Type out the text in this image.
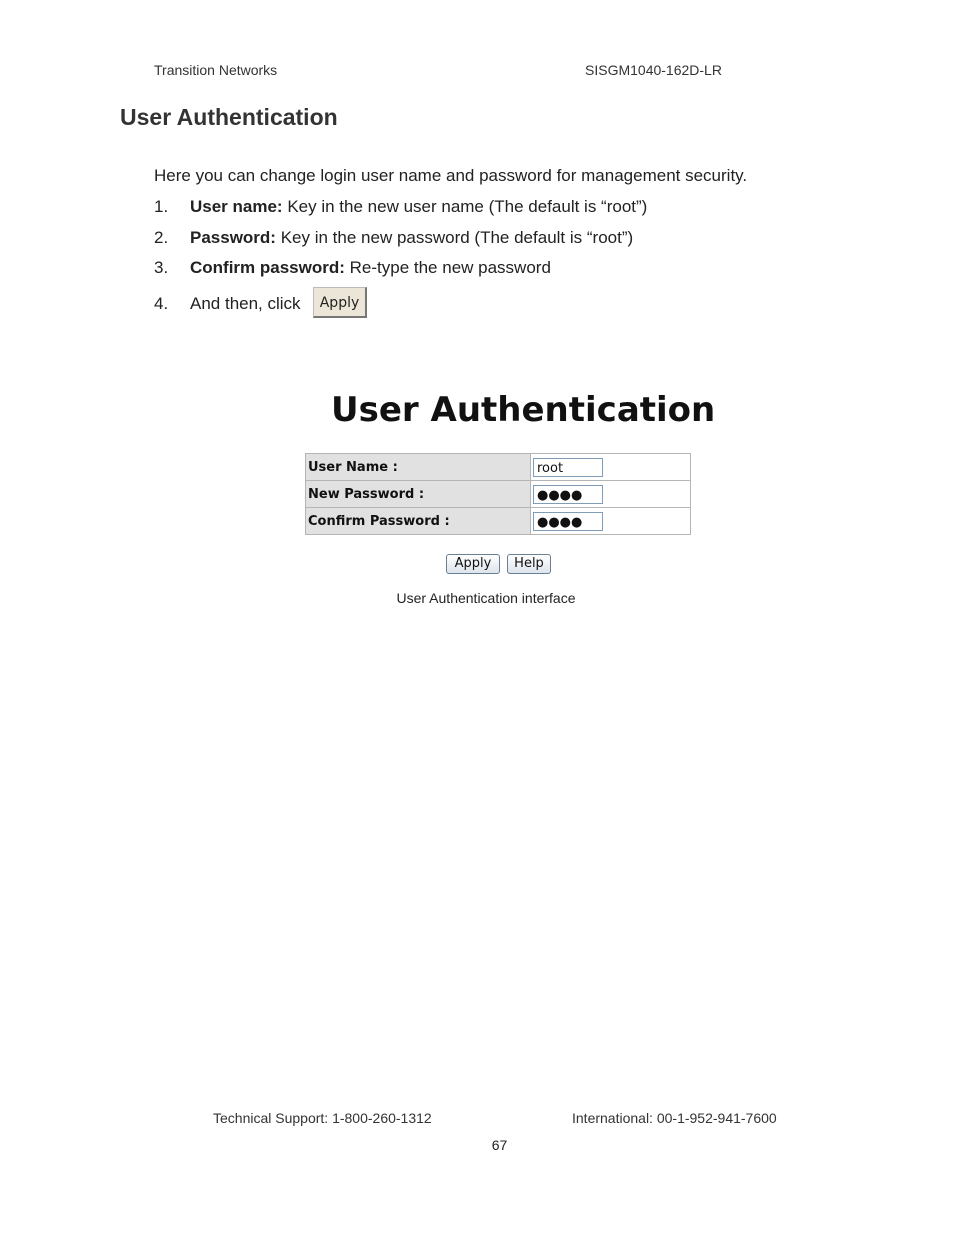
Transition Networks	SISGM1040-162D-LR
User Authentication
Here you can change login user name and password for management security.
1. User name: Key in the new user name (The default is “root”)
2. Password: Key in the new password (The default is “root”)
3. Confirm password: Re-type the new password
4. And then, click	Apply
User Authentication
User Name :	root
New Password :	●●●●
Confirm Password :	●●●●
Apply	Help
User Authentication interface
Technical Support: 1-800-260-1312	International: 00-1-952-941-7600
67
